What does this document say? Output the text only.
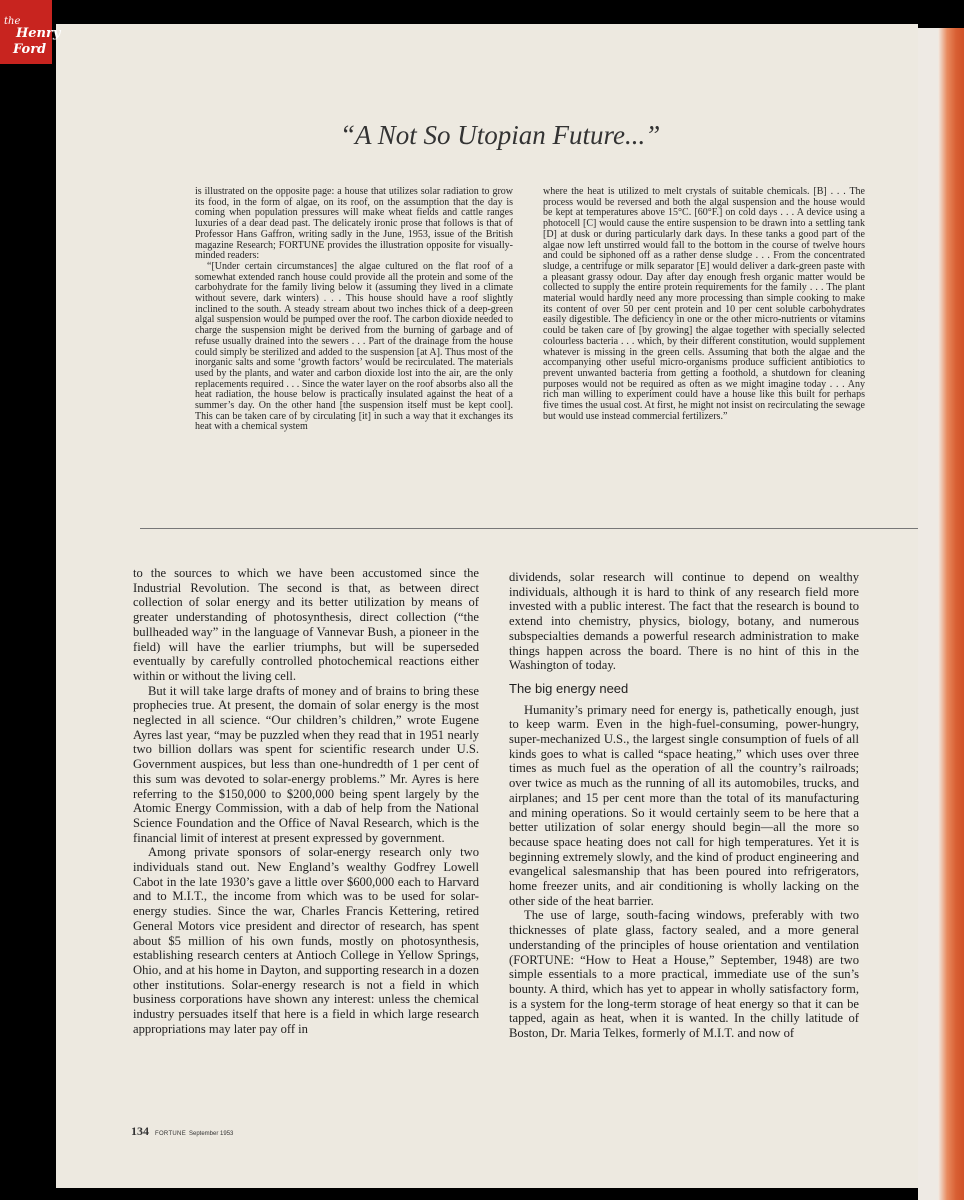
the
Henry
Ford
“A Not So Utopian Future...”

is illustrated on the opposite page: a house that utilizes solar radiation to grow its food, in the form of algae, on its roof, on the assumption that the day is coming when population pressures will make wheat fields and cattle ranges luxuries of a dear dead past. The delicately ironic prose that follows is that of Professor Hans Gaffron, writing sadly in the June, 1953, issue of the British magazine Research; FORTUNE provides the illustration opposite for visually-minded readers:

“[Under certain circumstances] the algae cultured on the flat roof of a somewhat extended ranch house could provide all the protein and some of the carbohydrate for the family living below it (assuming they lived in a climate without severe, dark winters) . . . This house should have a roof slightly inclined to the south. A steady stream about two inches thick of a deep-green algal suspension would be pumped over the roof. The carbon dioxide needed to charge the suspension might be derived from the burning of garbage and of refuse usually drained into the sewers . . . Part of the drainage from the house could simply be sterilized and added to the suspension [at A]. Thus most of the inorganic salts and some ‘growth factors’ would be recirculated. The materials used by the plants, and water and carbon dioxide lost into the air, are the only replacements required . . . Since the water layer on the roof absorbs also all the heat radiation, the house below is practically insulated against the heat of a summer’s day. On the other hand [the suspension itself must be kept cool]. This can be taken care of by circulating [it] in such a way that it exchanges its heat with a chemical system

where the heat is utilized to melt crystals of suitable chemicals. [B] . . . The process would be reversed and both the algal suspension and the house would be kept at temperatures above 15°C. [60°F.] on cold days . . . A device using a photocell [C] would cause the entire suspension to be drawn into a settling tank [D] at dusk or during particularly dark days. In these tanks a good part of the algae now left unstirred would fall to the bottom in the course of twelve hours and could be siphoned off as a rather dense sludge . . . From the concentrated sludge, a centrifuge or milk separator [E] would deliver a dark-green paste with a pleasant grassy odour. Day after day enough fresh organic matter would be collected to supply the entire protein requirements for the family . . . The plant material would hardly need any more processing than simple cooking to make its content of over 50 per cent protein and 10 per cent soluble carbohydrates easily digestible. The deficiency in one or the other micro-nutrients or vitamins could be taken care of [by growing] the algae together with specially selected colourless bacteria . . . which, by their different constitution, would supplement whatever is missing in the green cells. Assuming that both the algae and the accompanying other useful micro-organisms produce sufficient antibiotics to prevent unwanted bacteria from getting a foothold, a shutdown for cleaning purposes would not be required as often as we might imagine today . . . Any rich man willing to experiment could have a house like this built for perhaps five times the usual cost. At first, he might not insist on recirculating the sewage but would use instead commercial fertilizers.”

to the sources to which we have been accustomed since the Industrial Revolution. The second is that, as between direct collection of solar energy and its better utilization by means of greater understanding of photosynthesis, direct collection (“the bullheaded way” in the language of Vannevar Bush, a pioneer in the field) will have the earlier triumphs, but will be superseded eventually by carefully controlled photochemical reactions either within or without the living cell.

But it will take large drafts of money and of brains to bring these prophecies true. At present, the domain of solar energy is the most neglected in all science. “Our children’s children,” wrote Eugene Ayres last year, “may be puzzled when they read that in 1951 nearly two billion dollars was spent for scientific research under U.S. Government auspices, but less than one-hundredth of 1 per cent of this sum was devoted to solar-energy problems.” Mr. Ayres is here referring to the $150,000 to $200,000 being spent largely by the Atomic Energy Commission, with a dab of help from the National Science Foundation and the Office of Naval Research, which is the financial limit of interest at present expressed by government.

Among private sponsors of solar-energy research only two individuals stand out. New England’s wealthy Godfrey Lowell Cabot in the late 1930’s gave a little over $600,000 each to Harvard and to M.I.T., the income from which was to be used for solar-energy studies. Since the war, Charles Francis Kettering, retired General Motors vice president and director of research, has spent about $5 million of his own funds, mostly on photosynthesis, establishing research centers at Antioch College in Yellow Springs, Ohio, and at his home in Dayton, and supporting research in a dozen other institutions. Solar-energy research is not a field in which business corporations have shown any interest: unless the chemical industry persuades itself that here is a field in which large research appropriations may later pay off in

dividends, solar research will continue to depend on wealthy individuals, although it is hard to think of any research field more invested with a public interest. The fact that the research is bound to extend into chemistry, physics, biology, botany, and numerous subspecialties demands a powerful research administration to make things happen across the board. There is no hint of this in the Washington of today.

The big energy need

Humanity’s primary need for energy is, pathetically enough, just to keep warm. Even in the high-fuel-consuming, power-hungry, super-mechanized U.S., the largest single consumption of fuels of all kinds goes to what is called “space heating,” which uses over three times as much fuel as the operation of all the country’s railroads; over twice as much as the running of all its automobiles, trucks, and airplanes; and 15 per cent more than the total of its manufacturing and mining operations. So it would certainly seem to be here that a better utilization of solar energy should begin—all the more so because space heating does not call for high temperatures. Yet it is beginning extremely slowly, and the kind of product engineering and evangelical salesmanship that has been poured into refrigerators, home freezer units, and air conditioning is wholly lacking on the other side of the heat barrier.

The use of large, south-facing windows, preferably with two thicknesses of plate glass, factory sealed, and a more general understanding of the principles of house orientation and ventilation (FORTUNE: “How to Heat a House,” September, 1948) are two simple essentials to a more practical, immediate use of the sun’s bounty. A third, which has yet to appear in wholly satisfactory form, is a system for the long-term storage of heat energy so that it can be tapped, again as heat, when it is wanted. In the chilly latitude of Boston, Dr. Maria Telkes, formerly of M.I.T. and now of

134 FORTUNE September 1953
